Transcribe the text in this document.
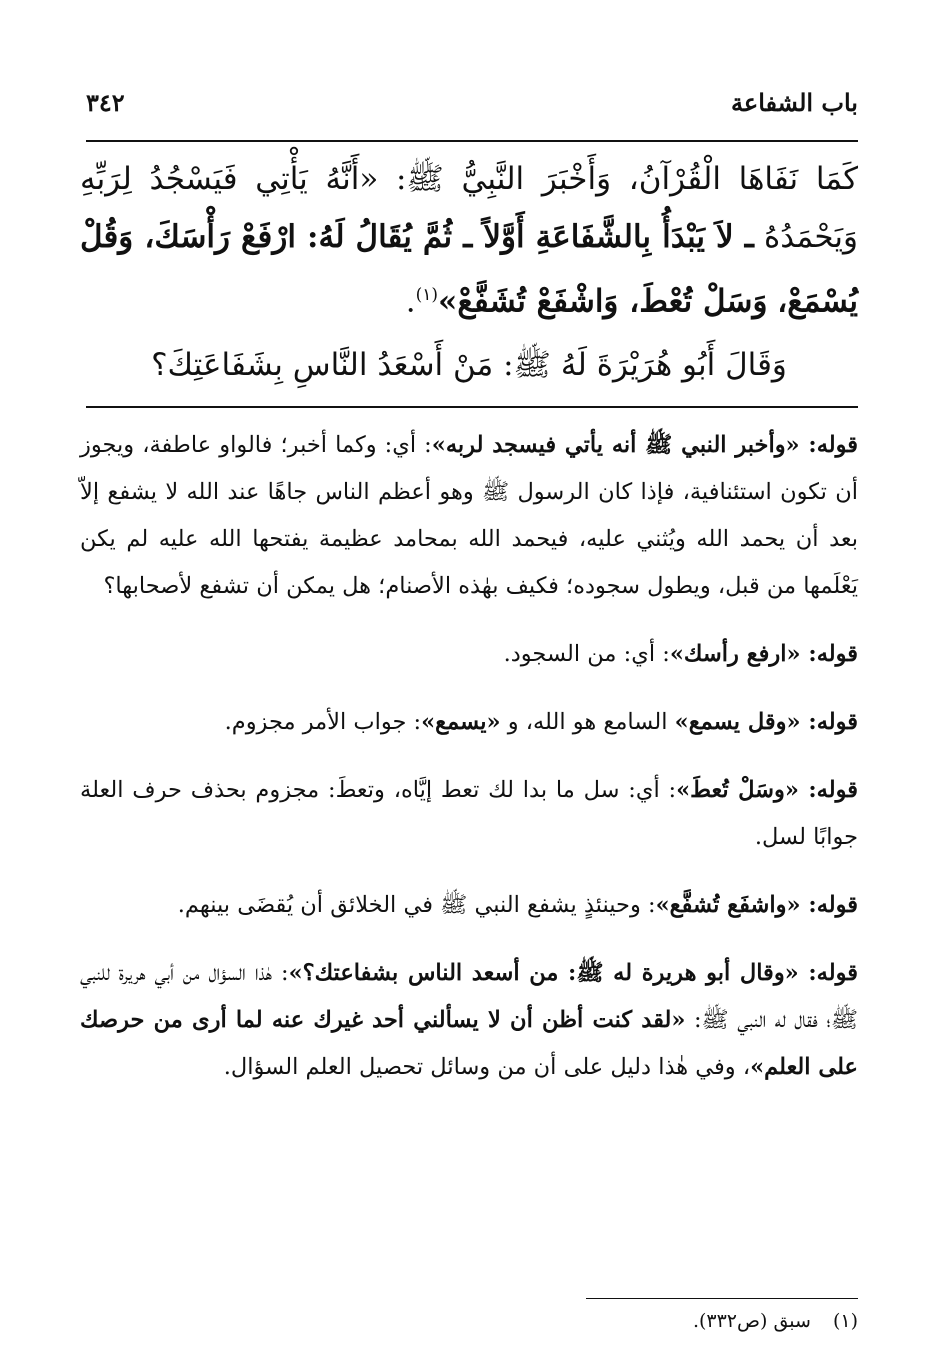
باب الشفاعة
٣٤٢

كَمَا نَفَاهَا الْقُرْآنُ، وَأَخْبَرَ النَّبِيُّ ﷺ: «أَنَّهُ يَأْتِي فَيَسْجُدُ لِرَبِّهِ وَيَحْمَدُهُ ـ لاَ يَبْدَأُ بِالشَّفَاعَةِ أَوَّلاً ـ ثُمَّ يُقَالُ لَهُ: ارْفَعْ رَأْسَكَ، وَقُلْ يُسْمَعْ، وَسَلْ تُعْطَ، وَاشْفَعْ تُشَفَّعْ»$^{(١)}$.

وَقَالَ أَبُو هُرَيْرَةَ لَهُ ﷺ: مَنْ أَسْعَدُ النَّاسِ بِشَفَاعَتِكَ؟

قوله: «وأخبر النبي ﷺ أنه يأتي فيسجد لربه»: أي: وكما أخبر؛ فالواو عاطفة، ويجوز أن تكون استئنافية، فإذا كان الرسول ﷺ وهو أعظم الناس جاهًا عند الله لا يشفع إلاّ بعد أن يحمد الله ويُثني عليه، فيحمد الله بمحامد عظيمة يفتحها الله عليه لم يكن يَعْلَمها من قبل، ويطول سجوده؛ فكيف بهٰذه الأصنام؛ هل يمكن أن تشفع لأصحابها؟

قوله: «ارفع رأسك»: أي: من السجود.

قوله: «وقل يسمع» السامع هو الله، و «يسمع»: جواب الأمر مجزوم.

قوله: «وسَلْ تُعطَ»: أي: سل ما بدا لك تعط إيَّاه، وتعطَ: مجزوم بحذف حرف العلة جوابًا لسل.

قوله: «واشفَع تُشفَّع»: وحينئذٍ يشفع النبي ﷺ في الخلائق أن يُقضَى بينهم.

قوله: «وقال أبو هريرة له ﷺ: من أسعد الناس بشفاعتك؟»: هٰذا السؤال من أبي هريرة للنبي ﷺ؛ فقال له النبي ﷺ: «لقد كنت أظن أن لا يسألني أحد غيرك عنه لما أرى من حرصك على العلم»، وفي هٰذا دليل على أن من وسائل تحصيل العلم السؤال.

(١)سبق (ص٣٣٢).
